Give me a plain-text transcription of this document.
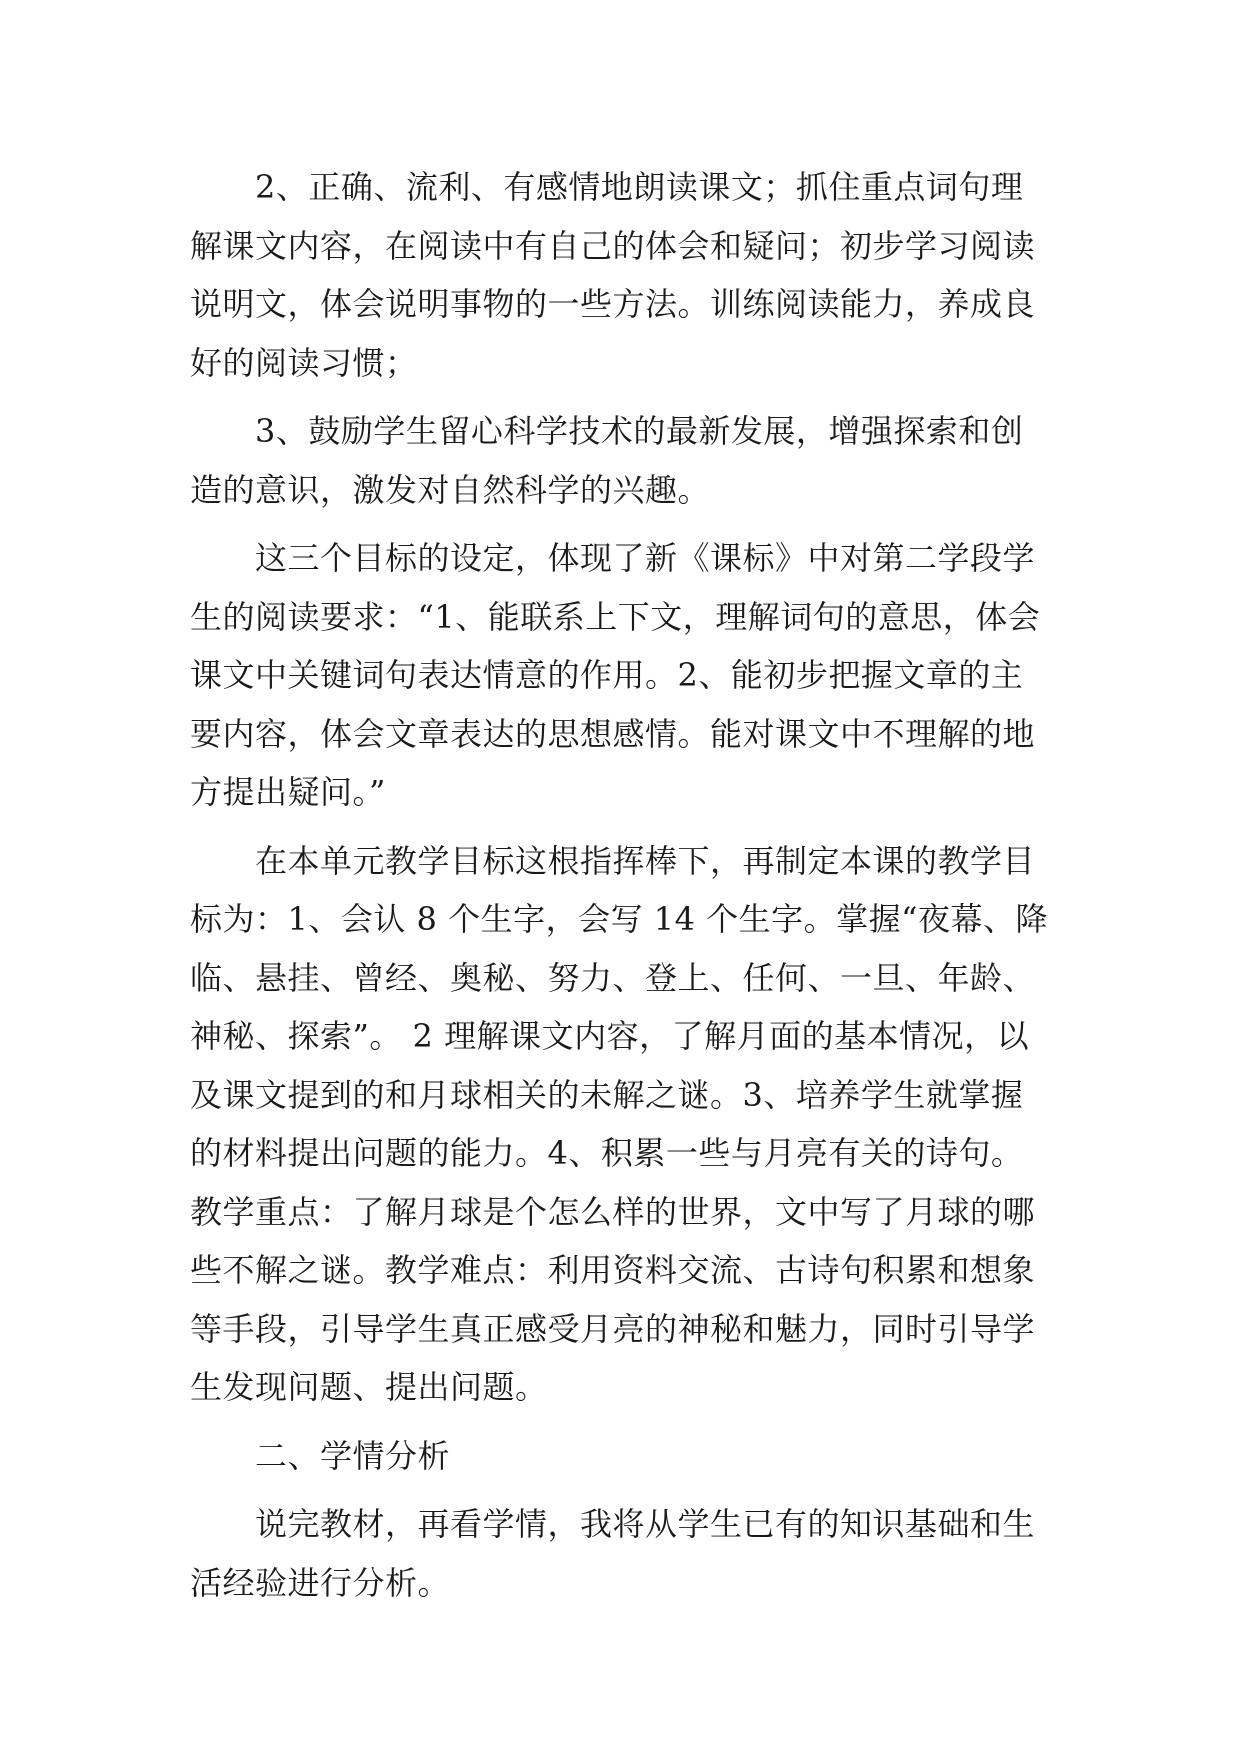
　　2、正确、流利、有感情地朗读课文；抓住重点词句理
解课文内容，在阅读中有自己的体会和疑问；初步学习阅读
说明文，体会说明事物的一些方法。训练阅读能力，养成良
好的阅读习惯；
　　3、鼓励学生留心科学技术的最新发展，增强探索和创
造的意识，激发对自然科学的兴趣。
　　这三个目标的设定，体现了新《课标》中对第二学段学
生的阅读要求：“1、能联系上下文，理解词句的意思，体会
课文中关键词句表达情意的作用。2、能初步把握文章的主
要内容，体会文章表达的思想感情。能对课文中不理解的地
方提出疑问。”
　　在本单元教学目标这根指挥棒下，再制定本课的教学目
标为：1、会认 8 个生字，会写 14 个生字。掌握“夜幕、降
临、悬挂、曾经、奥秘、努力、登上、任何、一旦、年龄、
神秘、探索”。 2 理解课文内容，了解月面的基本情况，以
及课文提到的和月球相关的未解之谜。3、培养学生就掌握
的材料提出问题的能力。4、积累一些与月亮有关的诗句。
教学重点：了解月球是个怎么样的世界，文中写了月球的哪
些不解之谜。教学难点：利用资料交流、古诗句积累和想象
等手段，引导学生真正感受月亮的神秘和魅力，同时引导学
生发现问题、提出问题。
　　二、学情分析
　　说完教材，再看学情，我将从学生已有的知识基础和生
活经验进行分析。
